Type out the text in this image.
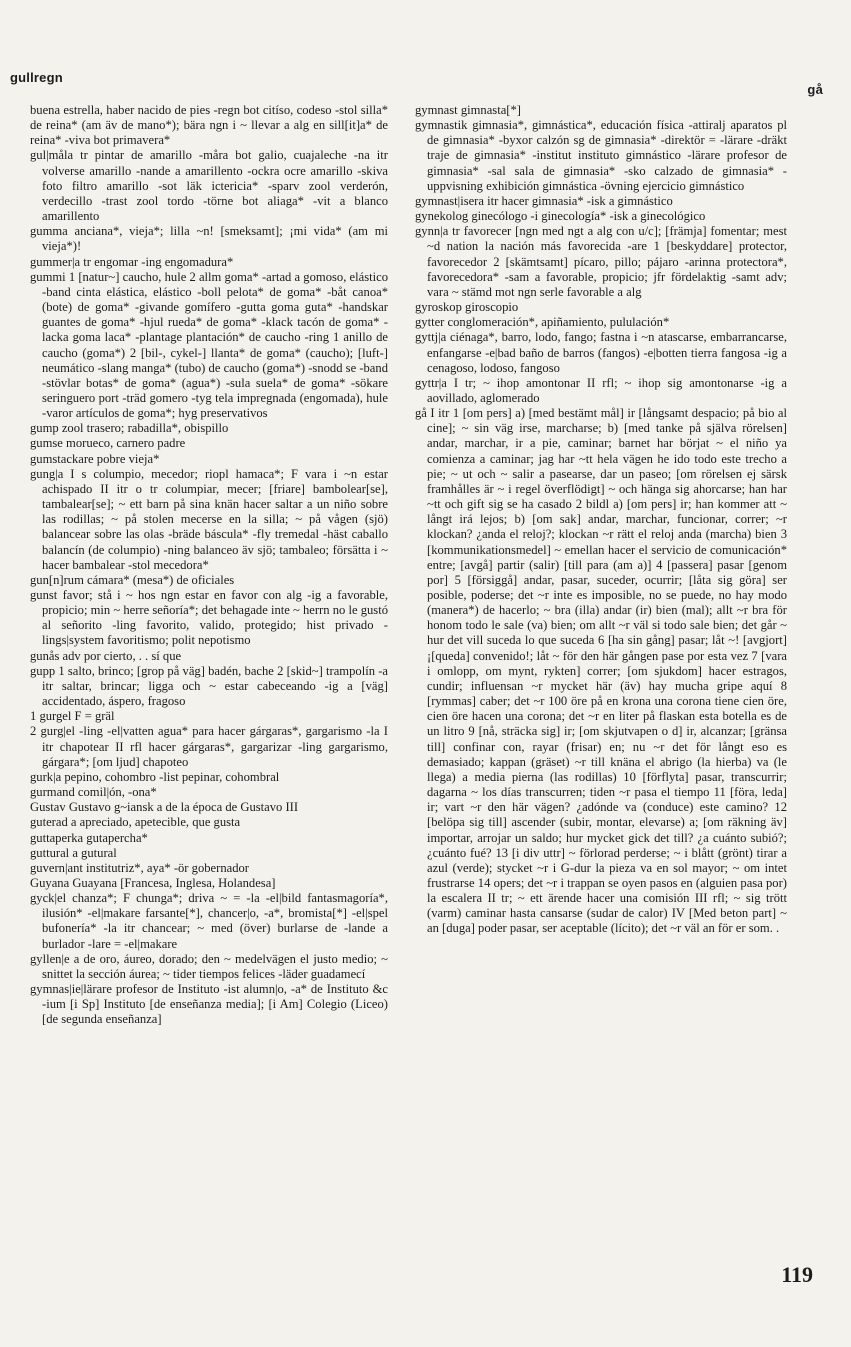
gullregn
gå

buena estrella, haber nacido de pies -regn bot citíso, codeso -stol silla* de reina* (am äv de mano*); bära ngn i ~ llevar a alg en sill[it]a* de reina* -viva bot primavera*

gul|måla tr pintar de amarillo -måra bot galio, cuajaleche -na itr volverse amarillo -nande a amarillento -ockra ocre amarillo -skiva foto filtro amarillo -sot läk ictericia* -sparv zool verderón, verdecillo -trast zool tordo -törne bot aliaga* -vit a blanco amarillento

gumma anciana*, vieja*; lilla ~n! [smeksamt]; ¡mi vida* (am mi vieja*)!

gummer|a tr engomar -ing engomadura*

gummi 1 [natur~] caucho, hule 2 allm goma* -artad a gomoso, elástico -band cinta elástica, elástico -boll pelota* de goma* -båt canoa* (bote) de goma* -givande gomífero -gutta goma guta* -handskar guantes de goma* -hjul rueda* de goma* -klack tacón de goma* -lacka goma laca* -plantage plantación* de caucho -ring 1 anillo de caucho (goma*) 2 [bil-, cykel-] llanta* de goma* (caucho); [luft-] neumático -slang manga* (tubo) de caucho (goma*) -snodd se -band -stövlar botas* de goma* (agua*) -sula suela* de goma* -sökare seringuero port -träd gomero -tyg tela impregnada (engomada), hule -varor artículos de goma*; hyg preservativos

gump zool trasero; rabadilla*, obispillo

gumse morueco, carnero padre

gumstackare pobre vieja*

gung|a I s columpio, mecedor; riopl hamaca*; F vara i ~n estar achispado II itr o tr columpiar, mecer; [friare] bambolear[se], tambalear[se]; ~ ett barn på sina knän hacer saltar a un niño sobre las rodillas; ~ på stolen mecerse en la silla; ~ på vågen (sjö) balancear sobre las olas -bräde báscula* -fly tremedal -häst caballo balancín (de columpio) -ning balanceo äv sjö; tambaleo; försätta i ~ hacer bambalear -stol mecedora*

gun[n]rum cámara* (mesa*) de oficiales

gunst favor; stå i ~ hos ngn estar en favor con alg -ig a favorable, propicio; min ~ herre señoría*; det behagade inte ~ herrn no le gustó al señorito -ling favorito, valido, protegido; hist privado -lings|system favoritismo; polit nepotismo

gunås adv por cierto, . . sí que

gupp 1 salto, brinco; [grop på väg] badén, bache 2 [skid~] trampolín -a itr saltar, brincar; ligga och ~ estar cabeceando -ig a [väg] accidentado, áspero, fragoso

1 gurgel F = gräl

2 gurg|el -ling -el|vatten agua* para hacer gárgaras*, gargarismo -la I itr chapotear II rfl hacer gárgaras*, gargarizar -ling gargarismo, gárgara*; [om ljud] chapoteo

gurk|a pepino, cohombro -list pepinar, cohombral

gurmand comil|ón, -ona*

Gustav Gustavo g~iansk a de la época de Gustavo III

guterad a apreciado, apetecible, que gusta

guttaperka gutapercha*

guttural a gutural

guvern|ant institutriz*, aya* -ör gobernador

Guyana Guayana [Francesa, Inglesa, Holandesa]

gyck|el chanza*; F chunga*; driva ~ = -la -el|bild fantasmagoría*, ilusión* -el|makare farsante[*], chancer|o, -a*, bromista[*] -el|spel bufonería* -la itr chancear; ~ med (över) burlarse de -lande a burlador -lare = -el|makare

gyllen|e a de oro, áureo, dorado; den ~ medelvägen el justo medio; ~ snittet la sección áurea; ~ tider tiempos felices -läder guadamecí

gymnas|ie|lärare profesor de Instituto -ist alumn|o, -a* de Instituto &c -ium [i Sp] Instituto [de enseñanza media]; [i Am] Colegio (Liceo) [de segunda enseñanza]

gymnast gimnasta[*]

gymnastik gimnasia*, gimnástica*, educación física -attiralj aparatos pl de gimnasia* -byxor calzón sg de gimnasia* -direktör = -lärare -dräkt traje de gimnasia* -institut instituto gimnástico -lärare profesor de gimnasia* -sal sala de gimnasia* -sko calzado de gimnasia* -uppvisning exhibición gimnástica -övning ejercicio gimnástico

gymnast|isera itr hacer gimnasia* -isk a gimnástico

gynekolog ginecólogo -i ginecología* -isk a ginecológico

gynn|a tr favorecer [ngn med ngt a alg con u/c]; [främja] fomentar; mest ~d nation la nación más favorecida -are 1 [beskyddare] protector, favorecedor 2 [skämtsamt] pícaro, pillo; pájaro -arinna protectora*, favorecedora* -sam a favorable, propicio; jfr fördelaktig -samt adv; vara ~ stämd mot ngn serle favorable a alg

gyroskop giroscopio

gytter conglomeración*, apiñamiento, pululación*

gyttj|a ciénaga*, barro, lodo, fango; fastna i ~n atascarse, embarrancarse, enfangarse -e|bad baño de barros (fangos) -e|botten tierra fangosa -ig a cenagoso, lodoso, fangoso

gyttr|a I tr; ~ ihop amontonar II rfl; ~ ihop sig amontonarse -ig a aovillado, aglomerado

gå I itr 1 [om pers] a) [med bestämt mål] ir [långsamt despacio; på bio al cine]; ~ sin väg irse, marcharse; b) [med tanke på själva rörelsen] andar, marchar, ir a pie, caminar; barnet har börjat ~ el niño ya comienza a caminar; jag har ~tt hela vägen he ido todo este trecho a pie; ~ ut och ~ salir a pasearse, dar un paseo; [om rörelsen ej särsk framhålles är ~ i regel överflödigt] ~ och hänga sig ahorcarse; han har ~tt och gift sig se ha casado 2 bildl a) [om pers] ir; han kommer att ~ långt irá lejos; b) [om sak] andar, marchar, funcionar, correr; ~r klockan? ¿anda el reloj?; klockan ~r rätt el reloj anda (marcha) bien 3 [kommunikationsmedel] ~ emellan hacer el servicio de comunicación* entre; [avgå] partir (salir) [till para (am a)] 4 [passera] pasar [genom por] 5 [försiggå] andar, pasar, suceder, ocurrir; [låta sig göra] ser posible, poderse; det ~r inte es imposible, no se puede, no hay modo (manera*) de hacerlo; ~ bra (illa) andar (ir) bien (mal); allt ~r bra för honom todo le sale (va) bien; om allt ~r väl si todo sale bien; det går ~ hur det vill suceda lo que suceda 6 [ha sin gång] pasar; låt ~! [avgjort] ¡[queda] convenido!; låt ~ för den här gången pase por esta vez 7 [vara i omlopp, om mynt, rykten] correr; [om sjukdom] hacer estragos, cundir; influensan ~r mycket här (äv) hay mucha gripe aquí 8 [rymmas] caber; det ~r 100 öre på en krona una corona tiene cien öre, cien öre hacen una corona; det ~r en liter på flaskan esta botella es de un litro 9 [nå, sträcka sig] ir; [om skjutvapen o d] ir, alcanzar; [gränsa till] confinar con, rayar (frisar) en; nu ~r det för långt eso es demasiado; kappan (gräset) ~r till knäna el abrigo (la hierba) va (le llega) a media pierna (las rodillas) 10 [förflyta] pasar, transcurrir; dagarna ~ los días transcurren; tiden ~r pasa el tiempo 11 [föra, leda] ir; vart ~r den här vägen? ¿adónde va (conduce) este camino? 12 [belöpa sig till] ascender (subir, montar, elevarse) a; [om räkning äv] importar, arrojar un saldo; hur mycket gick det till? ¿a cuánto subió?; ¿cuánto fué? 13 [i div uttr] ~ förlorad perderse; ~ i blått (grönt) tirar a azul (verde); stycket ~r i G-dur la pieza va en sol mayor; ~ om intet frustrarse 14 opers; det ~r i trappan se oyen pasos en (alguien pasa por) la escalera II tr; ~ ett ärende hacer una comisión III rfl; ~ sig trött (varm) caminar hasta cansarse (sudar de calor) IV [Med beton part] ~ an [duga] poder pasar, ser aceptable (lícito); det ~r väl an för er som. .

119
